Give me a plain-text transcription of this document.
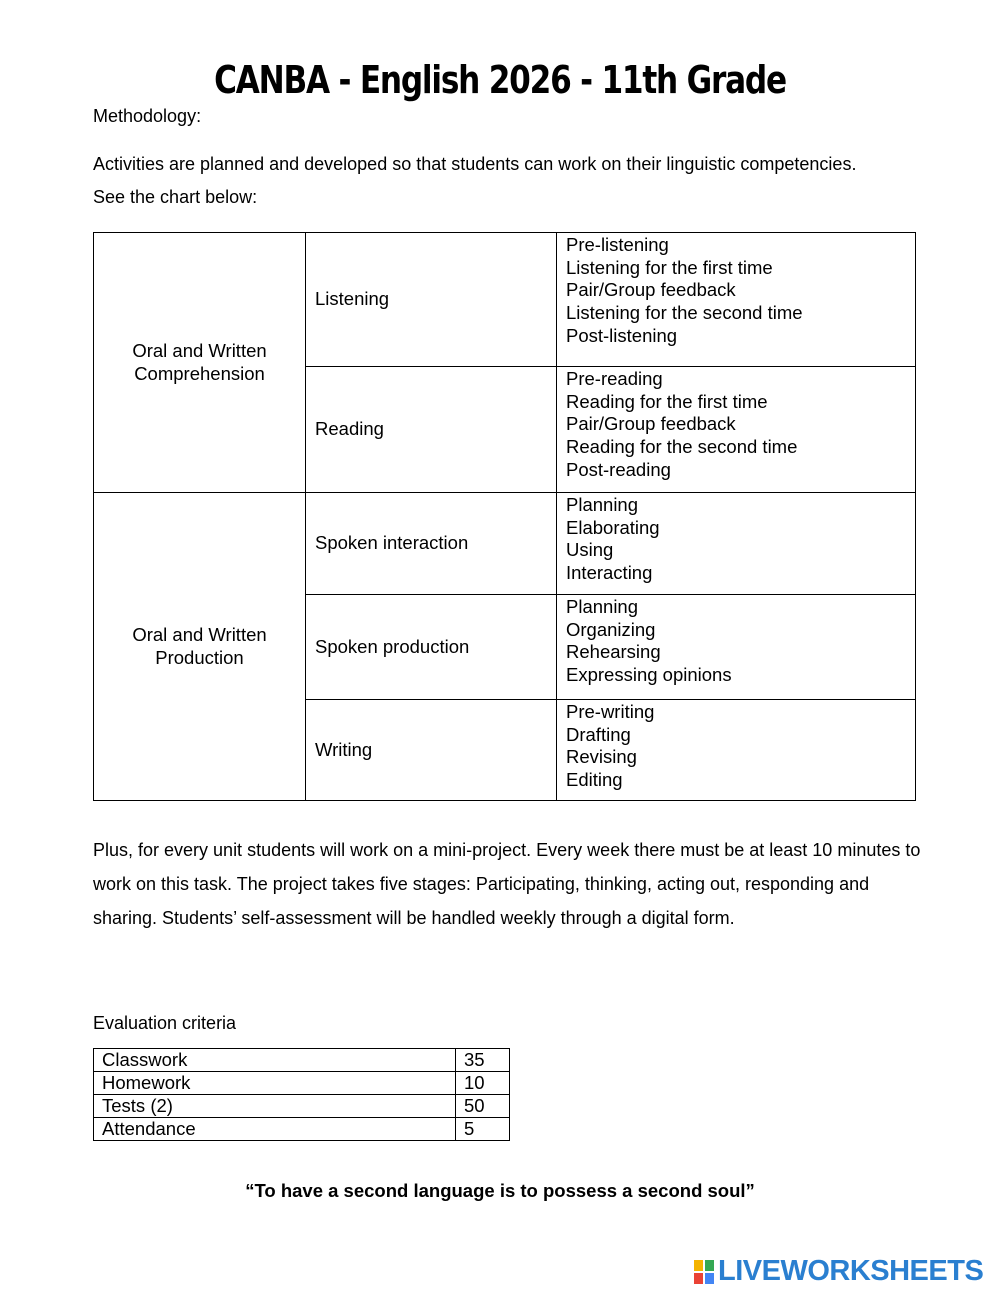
CANBA - English 2026 - 11th Grade
Methodology:
Activities are planned and developed so that students can work on their linguistic competencies.
See the chart below:
Oral and Written Comprehension	Listening	Pre-listening
Listening for the first time
Pair/Group feedback
Listening for the second time
Post-listening

	Reading	Pre-reading
Reading for the first time
Pair/Group feedback
Reading for the second time
Post-reading

Oral and Written Production	Spoken interaction	Planning
Elaborating
Using
Interacting

	Spoken production	Planning
Organizing
Rehearsing
Expressing opinions

	Writing	Pre-writing
Drafting
Revising
Editing
Plus, for every unit students will work on a mini-project. Every week there must be at least 10 minutes to work on this task. The project takes five stages: Participating, thinking, acting out, responding and sharing. Students’ self-assessment will be handled weekly through a digital form.
Evaluation criteria
Classwork	35
Homework	10
Tests (2)	50
Attendance	5
“To have a second language is to possess a second soul”
LIVEWORKSHEETS
